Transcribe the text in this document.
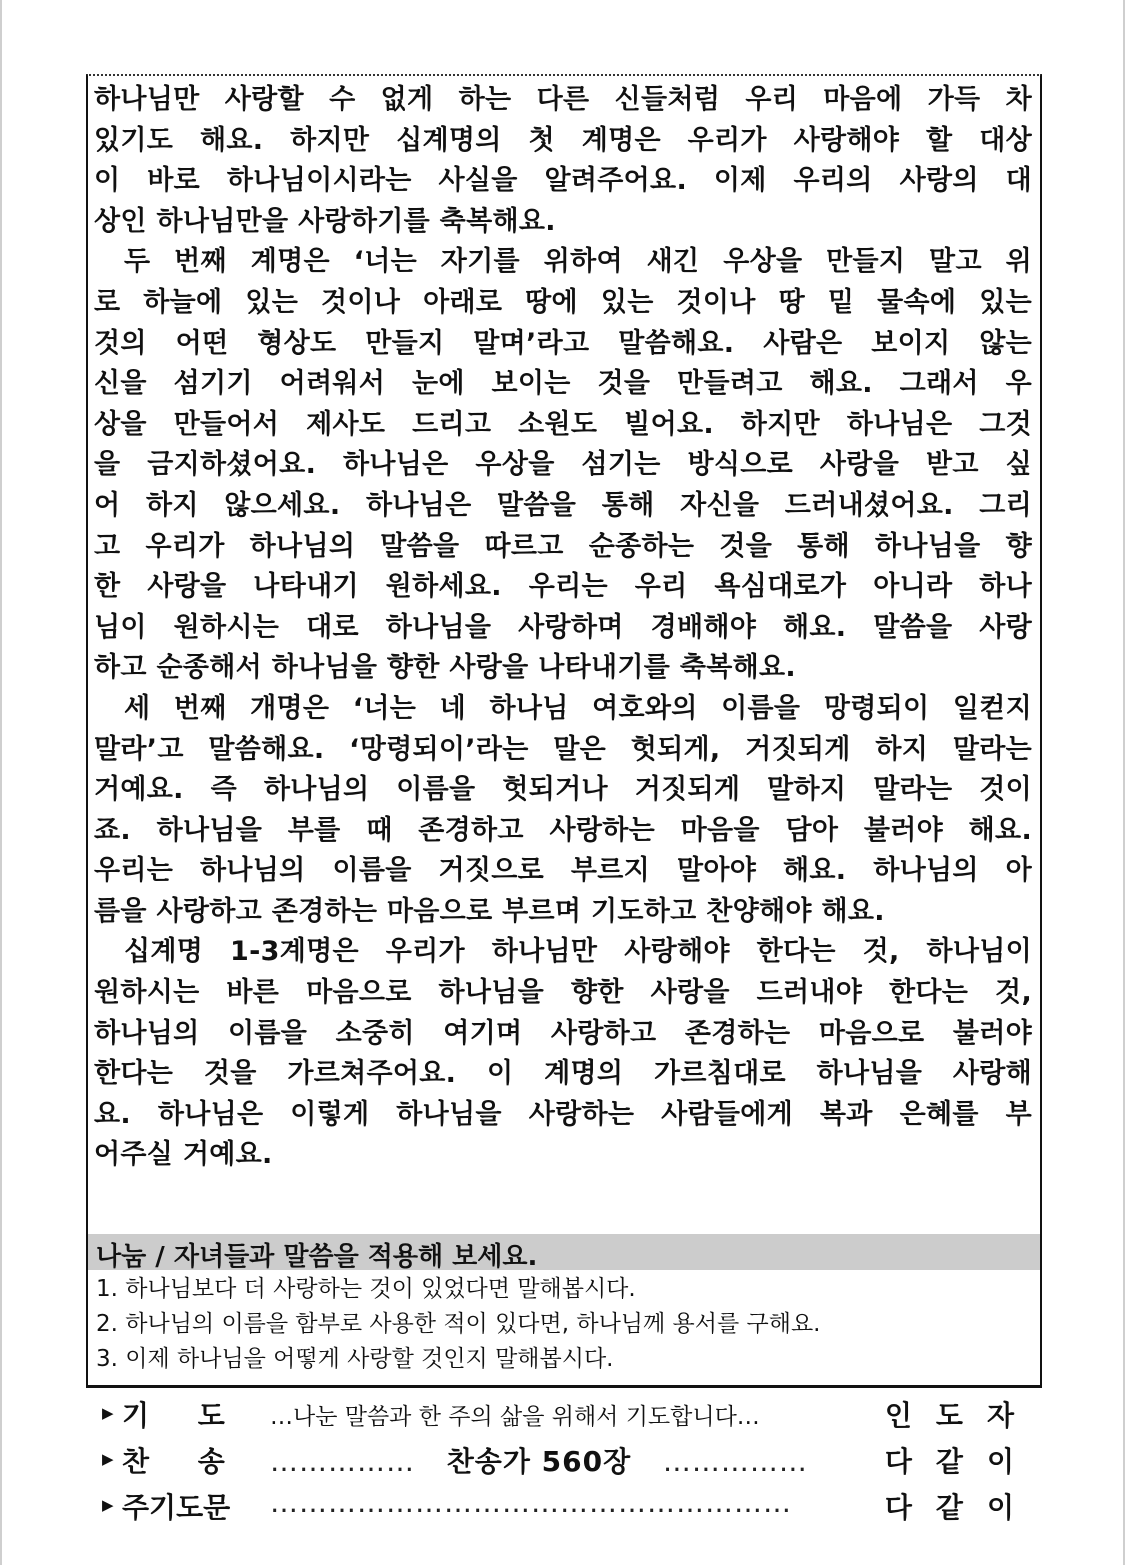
하나님만 사랑할 수 없게 하는 다른 신들처럼 우리 마음에 가득 차
있기도 해요. 하지만 십계명의 첫 계명은 우리가 사랑해야 할 대상
이 바로 하나님이시라는 사실을 알려주어요. 이제 우리의 사랑의 대
상인 하나님만을 사랑하기를 축복해요.
두 번째 계명은 ‘너는 자기를 위하여 새긴 우상을 만들지 말고 위
로 하늘에 있는 것이나 아래로 땅에 있는 것이나 땅 밑 물속에 있는
것의 어떤 형상도 만들지 말며’라고 말씀해요. 사람은 보이지 않는
신을 섬기기 어려워서 눈에 보이는 것을 만들려고 해요. 그래서 우
상을 만들어서 제사도 드리고 소원도 빌어요. 하지만 하나님은 그것
을 금지하셨어요. 하나님은 우상을 섬기는 방식으로 사랑을 받고 싶
어 하지 않으세요. 하나님은 말씀을 통해 자신을 드러내셨어요. 그리
고 우리가 하나님의 말씀을 따르고 순종하는 것을 통해 하나님을 향
한 사랑을 나타내기 원하세요. 우리는 우리 욕심대로가 아니라 하나
님이 원하시는 대로 하나님을 사랑하며 경배해야 해요. 말씀을 사랑
하고 순종해서 하나님을 향한 사랑을 나타내기를 축복해요.
세 번째 개명은 ‘너는 네 하나님 여호와의 이름을 망령되이 일컫지
말라’고 말씀해요. ‘망령되이’라는 말은 헛되게, 거짓되게 하지 말라는
거예요. 즉 하나님의 이름을 헛되거나 거짓되게 말하지 말라는 것이
죠. 하나님을 부를 때 존경하고 사랑하는 마음을 담아 불러야 해요.
우리는 하나님의 이름을 거짓으로 부르지 말아야 해요. 하나님의 아
름을 사랑하고 존경하는 마음으로 부르며 기도하고 찬양해야 해요.
십계명 1-3계명은 우리가 하나님만 사랑해야 한다는 것, 하나님이
원하시는 바른 마음으로 하나님을 향한 사랑을 드러내야 한다는 것,
하나님의 이름을 소중히 여기며 사랑하고 존경하는 마음으로 불러야
한다는 것을 가르쳐주어요. 이 계명의 가르침대로 하나님을 사랑해
요. 하나님은 이렇게 하나님을 사랑하는 사람들에게 복과 은혜를 부
어주실 거예요.
나눔 / 자녀들과 말씀을 적용해 보세요.
1. 하나님보다 더 사랑하는 것이 있었다면 말해봅시다.
2. 하나님의 이름을 함부로 사용한 적이 있다면, 하나님께 용서를 구해요.
3. 이제 하나님을 어떻게 사랑할 것인지 말해봅시다.
▶ 기     도 …나눈 말씀과 한 주의 삶을 위해서 기도합니다…	인도자
▶ 찬     송 …………… 찬송가 560장 ……………	다같이
▶ 주기도문 ………………………………………………	다같이
